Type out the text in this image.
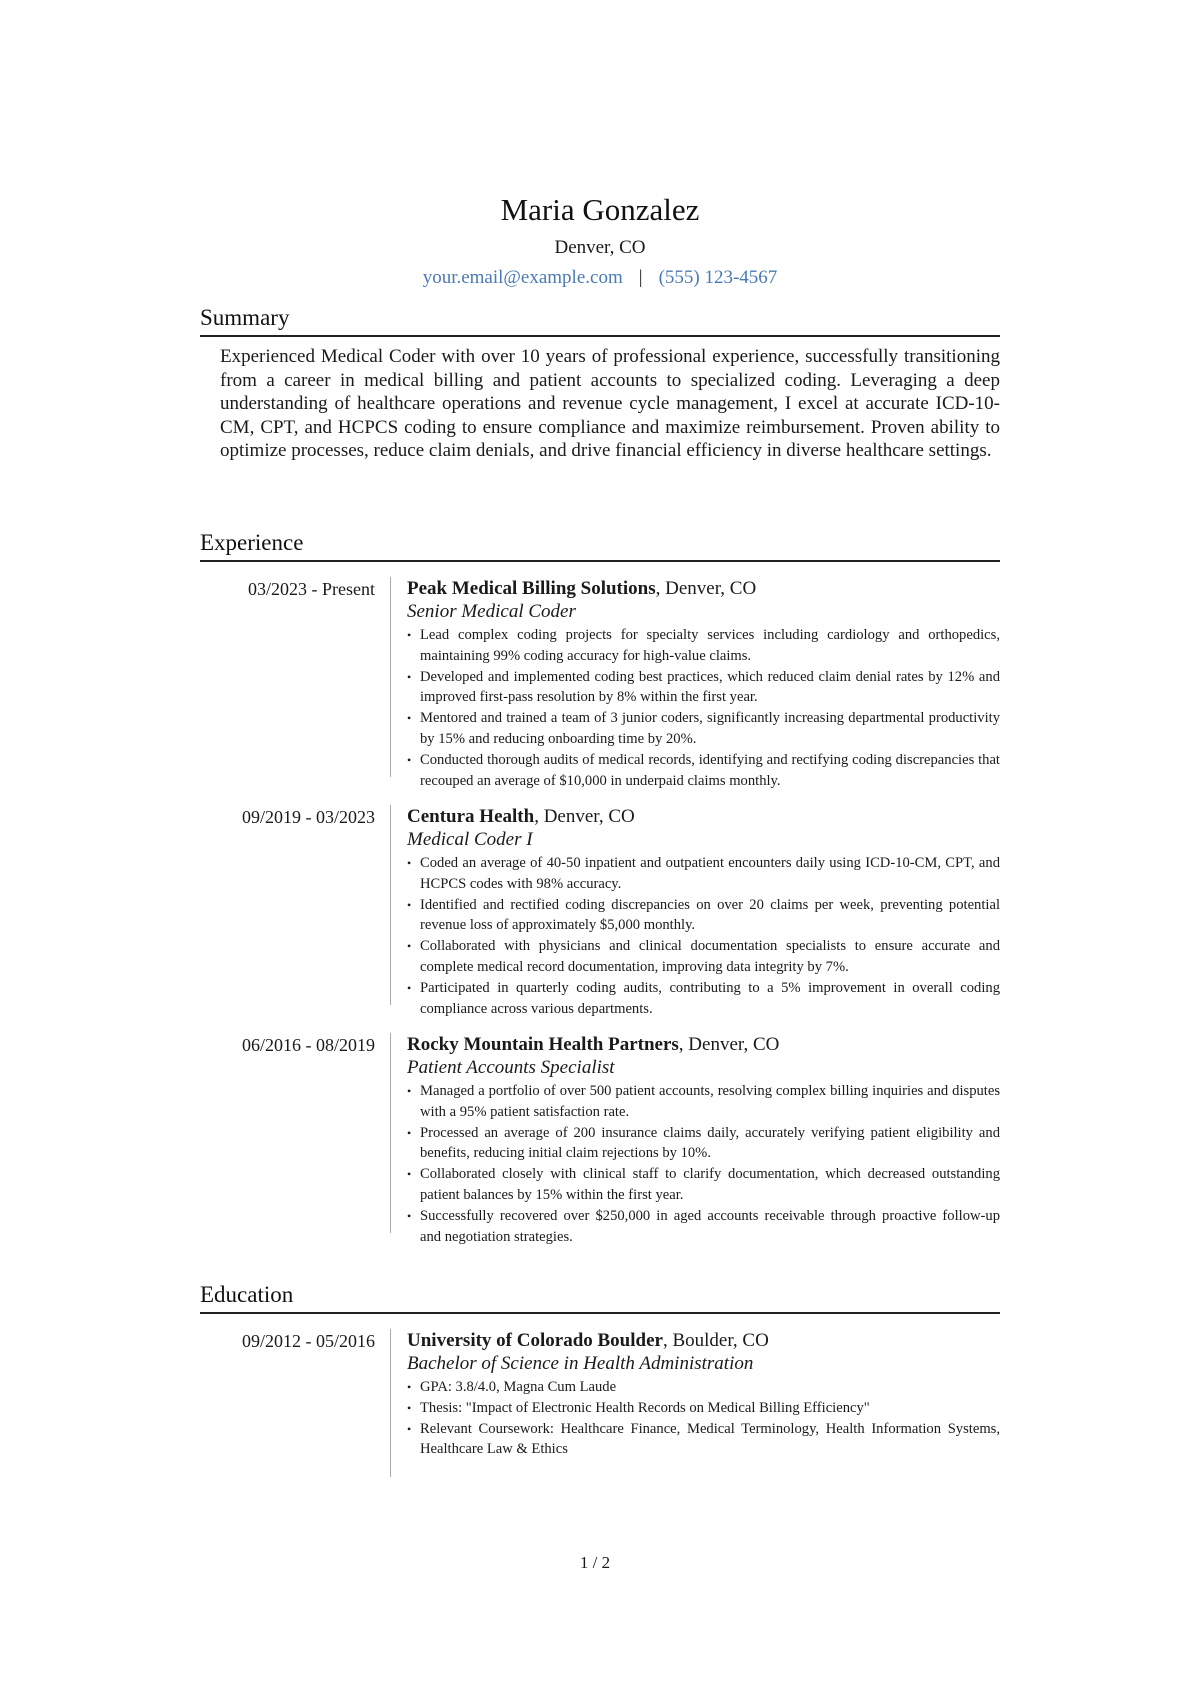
Maria Gonzalez
Denver, CO
your.email@example.com | (555) 123-4567
Summary

Experienced Medical Coder with over 10 years of professional experience, successfully transitioning from a career in medical billing and patient accounts to specialized coding. Leveraging a deep understanding of healthcare operations and revenue cycle management, I excel at accurate ICD-10-CM, CPT, and HCPCS coding to ensure compliance and maximize reimbursement. Proven ability to optimize processes, reduce claim denials, and drive financial efficiency in diverse healthcare settings.

Experience
03/2023 - Present Peak Medical Billing Solutions, Denver, CO
Senior Medical Coder
• Lead complex coding projects for specialty services including cardiology and orthopedics, maintaining 99% coding accuracy for high-value claims.
• Developed and implemented coding best practices, which reduced claim denial rates by 12% and improved first-pass resolution by 8% within the first year.
• Mentored and trained a team of 3 junior coders, significantly increasing departmental productivity by 15% and reducing onboarding time by 20%.
• Conducted thorough audits of medical records, identifying and rectifying coding discrepancies that recouped an average of $10,000 in underpaid claims monthly.
09/2019 - 03/2023 Centura Health, Denver, CO
Medical Coder I
• Coded an average of 40-50 inpatient and outpatient encounters daily using ICD-10-CM, CPT, and HCPCS codes with 98% accuracy.
• Identified and rectified coding discrepancies on over 20 claims per week, preventing potential revenue loss of approximately $5,000 monthly.
• Collaborated with physicians and clinical documentation specialists to ensure accurate and complete medical record documentation, improving data integrity by 7%.
• Participated in quarterly coding audits, contributing to a 5% improvement in overall coding compliance across various departments.
06/2016 - 08/2019 Rocky Mountain Health Partners, Denver, CO
Patient Accounts Specialist
• Managed a portfolio of over 500 patient accounts, resolving complex billing inquiries and disputes with a 95% patient satisfaction rate.
• Processed an average of 200 insurance claims daily, accurately verifying patient eligibility and benefits, reducing initial claim rejections by 10%.
• Collaborated closely with clinical staff to clarify documentation, which decreased outstanding patient balances by 15% within the first year.
• Successfully recovered over $250,000 in aged accounts receivable through proactive follow-up and negotiation strategies.
Education
09/2012 - 05/2016 University of Colorado Boulder, Boulder, CO
Bachelor of Science in Health Administration
• GPA: 3.8/4.0, Magna Cum Laude
• Thesis: "Impact of Electronic Health Records on Medical Billing Efficiency"
• Relevant Coursework: Healthcare Finance, Medical Terminology, Health Information Systems, Healthcare Law & Ethics
1 / 2
